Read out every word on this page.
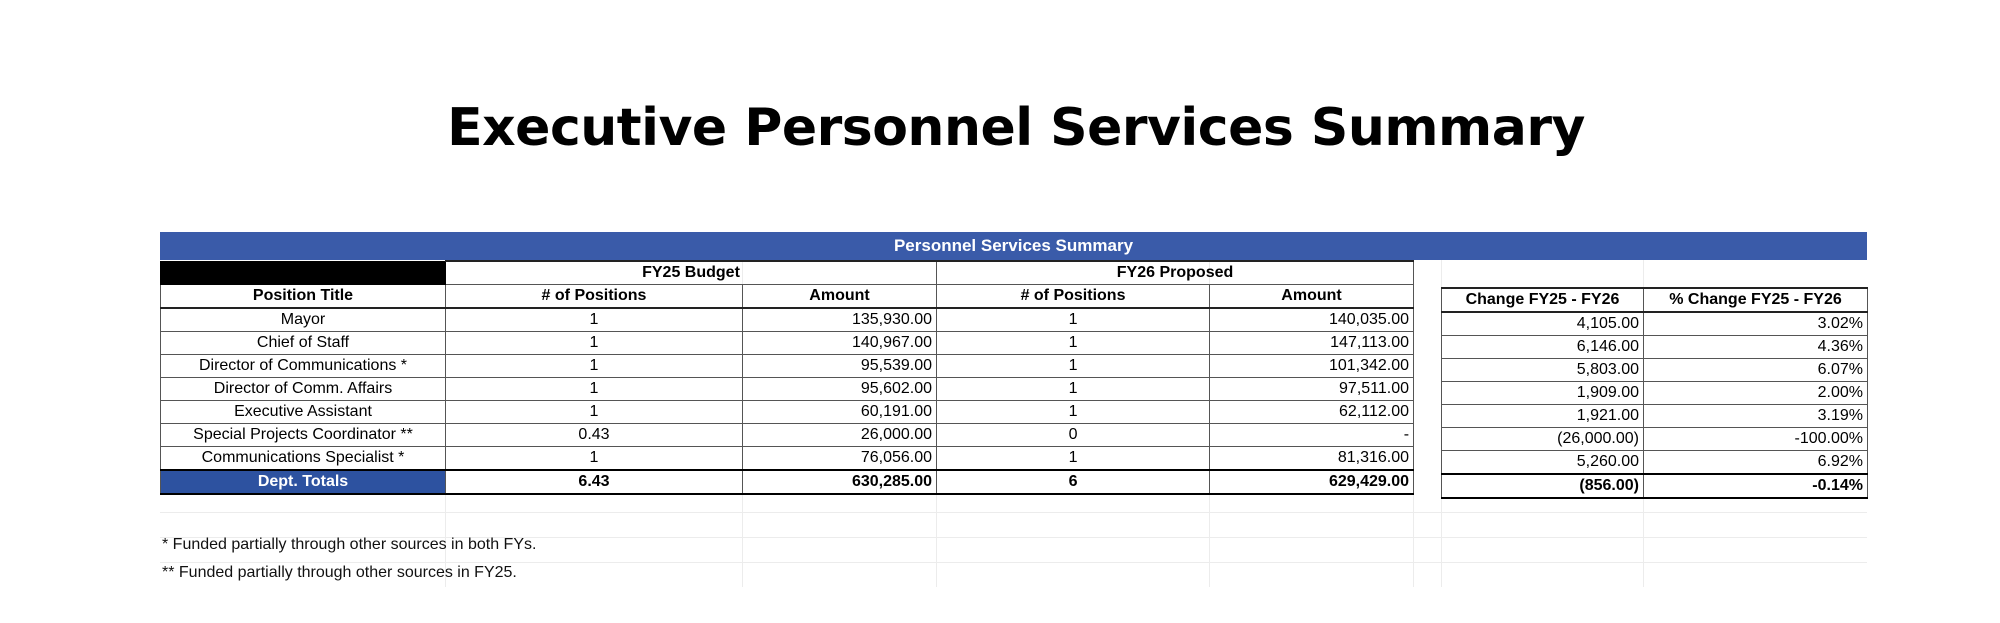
Executive Personnel Services Summary
Personnel Services Summary
	FY25 Budget		FY26 Proposed	
Position Title	# of Positions	Amount	# of Positions	Amount
Mayor	1	135,930.00	1	140,035.00
Chief of Staff	1	140,967.00	1	147,113.00
Director of Communications *	1	95,539.00	1	101,342.00
Director of Comm. Affairs	1	95,602.00	1	97,511.00
Executive Assistant	1	60,191.00	1	62,112.00
Special Projects Coordinator **	0.43	26,000.00	0	-
Communications Specialist *	1	76,056.00	1	81,316.00
Dept. Totals	6.43	630,285.00	6	629,429.00
Change FY25 - FY26	% Change FY25 - FY26
4,105.00	3.02%
6,146.00	4.36%
5,803.00	6.07%
1,909.00	2.00%
1,921.00	3.19%
(26,000.00)	-100.00%
5,260.00	6.92%
(856.00)	-0.14%
* Funded partially through other sources in both FYs.
** Funded partially through other sources in FY25.
